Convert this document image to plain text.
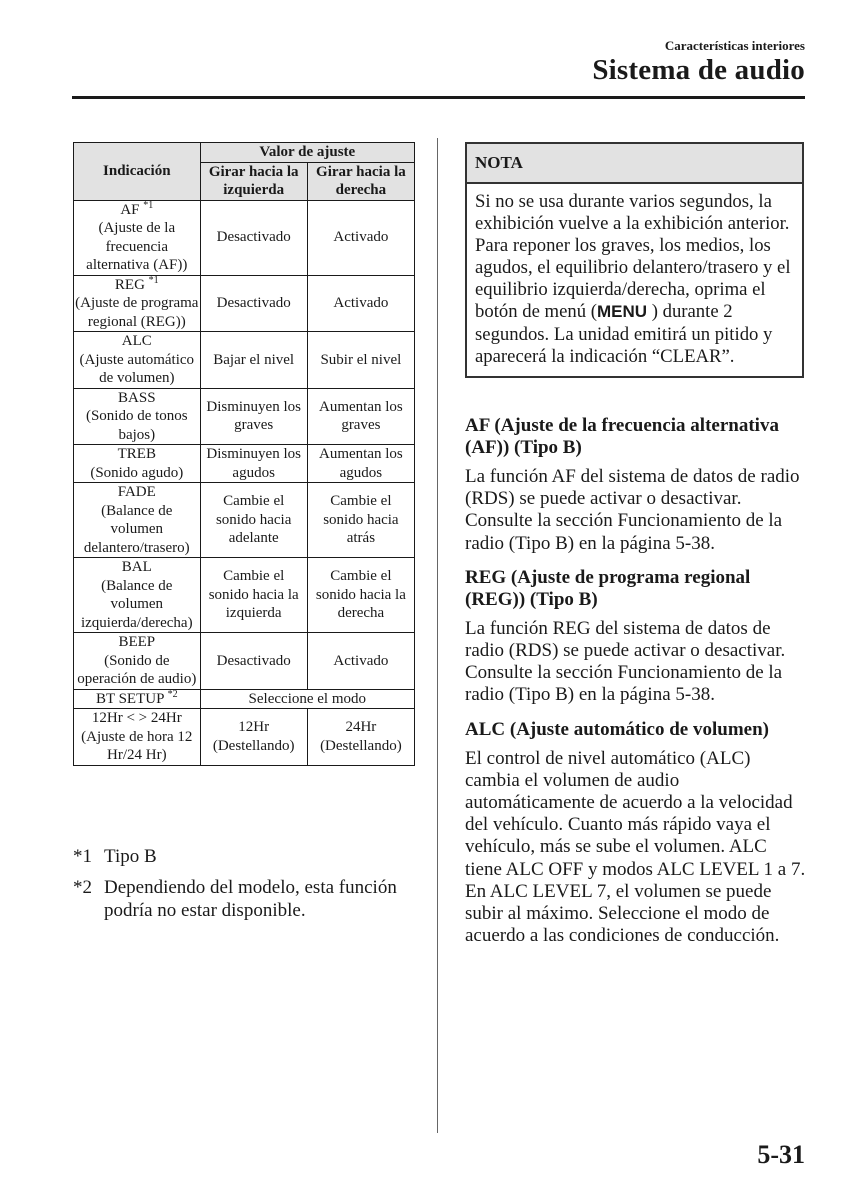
Características interiores
Sistema de audio
Indicación	Valor de ajuste	
	Girar hacia la izquierda	Girar hacia la derecha
AF $^{*1}$
(Ajuste de la frecuencia alternativa (AF))	Desactivado	Activado
REG $^{*1}$
(Ajuste de programa regional (REG))	Desactivado	Activado
ALC
(Ajuste automático de volumen)	Bajar el nivel	Subir el nivel
BASS
(Sonido de tonos bajos)	Disminuyen los graves	Aumentan los graves
TREB
(Sonido agudo)	Disminuyen los agudos	Aumentan los agudos
FADE
(Balance de volumen delantero/trasero)	Cambie el sonido hacia adelante	Cambie el sonido hacia atrás
BAL
(Balance de volumen izquierda/derecha)	Cambie el sonido hacia la izquierda	Cambie el sonido hacia la derecha
BEEP
(Sonido de operación de audio)	Desactivado	Activado
BT SETUP $^{*2}$	Seleccione el modo	
12Hr < > 24Hr
(Ajuste de hora 12 Hr/24 Hr)	12Hr (Destellando)	24Hr (Destellando)
*1 Tipo B
*2 Dependiendo del modelo, esta función podría no estar disponible.
NOTA

Si no se usa durante varios segundos, la exhibición vuelve a la exhibición anterior. Para reponer los graves, los medios, los agudos, el equilibrio delantero/trasero y el equilibrio izquierda/derecha, oprima el botón de menú (MENU ) durante 2 segundos. La unidad emitirá un pitido y aparecerá la indicación “CLEAR”.

AF (Ajuste de la frecuencia alternativa (AF)) (Tipo B)

La función AF del sistema de datos de radio (RDS) se puede activar o desactivar. Consulte la sección Funcionamiento de la radio (Tipo B) en la página 5-38.

REG (Ajuste de programa regional (REG)) (Tipo B)

La función REG del sistema de datos de radio (RDS) se puede activar o desactivar. Consulte la sección Funcionamiento de la radio (Tipo B) en la página 5-38.

ALC (Ajuste automático de volumen)

El control de nivel automático (ALC) cambia el volumen de audio automáticamente de acuerdo a la velocidad del vehículo. Cuanto más rápido vaya el vehículo, más se sube el volumen. ALC tiene ALC OFF y modos ALC LEVEL 1 a 7. En ALC LEVEL 7, el volumen se puede subir al máximo. Seleccione el modo de acuerdo a las condiciones de conducción.

5-31
